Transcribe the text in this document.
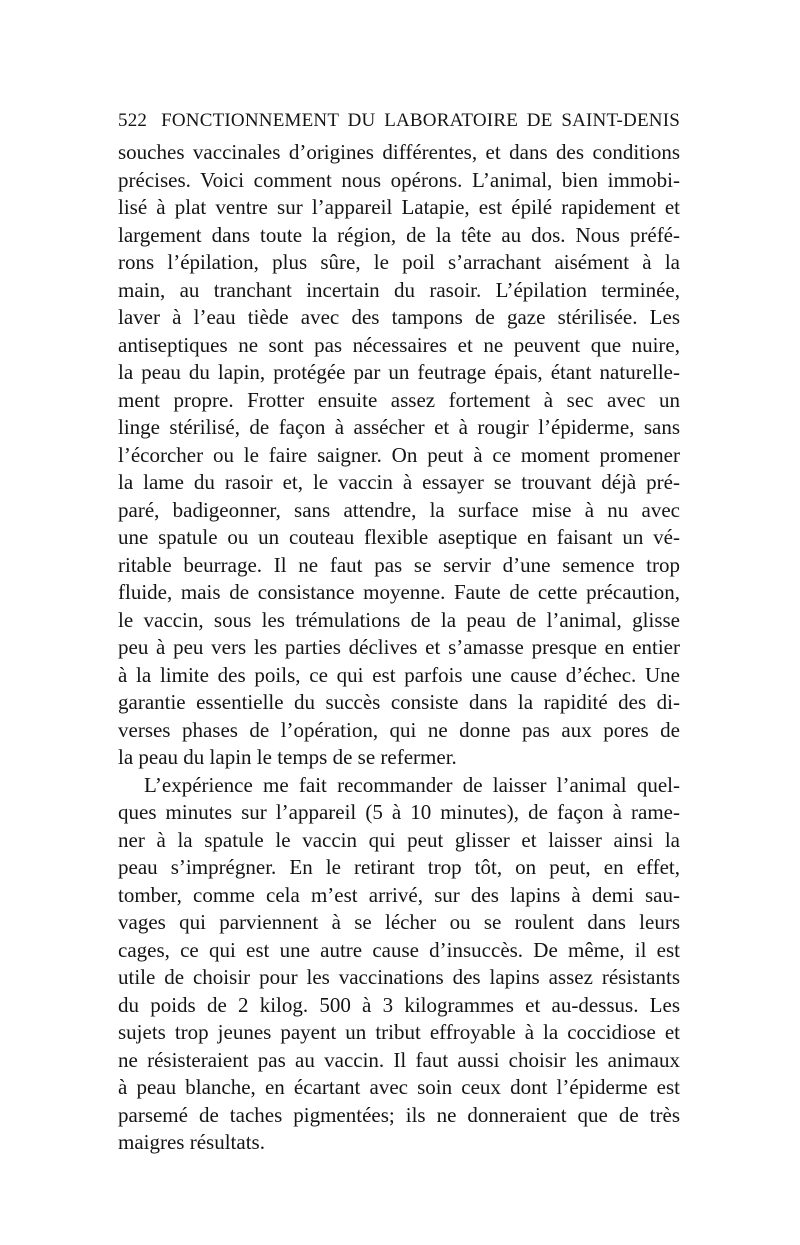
522 FONCTIONNEMENT DU LABORATOIRE DE SAINT-DENIS
souches vaccinales d’origines différentes, et dans des conditions
précises. Voici comment nous opérons. L’animal, bien immobi-
lisé à plat ventre sur l’appareil Latapie, est épilé rapidement et
largement dans toute la région, de la tête au dos. Nous préfé-
rons l’épilation, plus sûre, le poil s’arrachant aisément à la
main, au tranchant incertain du rasoir. L’épilation terminée,
laver à l’eau tiède avec des tampons de gaze stérilisée. Les
antiseptiques ne sont pas nécessaires et ne peuvent que nuire,
la peau du lapin, protégée par un feutrage épais, étant naturelle-
ment propre. Frotter ensuite assez fortement à sec avec un
linge stérilisé, de façon à assécher et à rougir l’épiderme, sans
l’écorcher ou le faire saigner. On peut à ce moment promener
la lame du rasoir et, le vaccin à essayer se trouvant déjà pré-
paré, badigeonner, sans attendre, la surface mise à nu avec
une spatule ou un couteau flexible aseptique en faisant un vé-
ritable beurrage. Il ne faut pas se servir d’une semence trop
fluide, mais de consistance moyenne. Faute de cette précaution,
le vaccin, sous les trémulations de la peau de l’animal, glisse
peu à peu vers les parties déclives et s’amasse presque en entier
à la limite des poils, ce qui est parfois une cause d’échec. Une
garantie essentielle du succès consiste dans la rapidité des di-
verses phases de l’opération, qui ne donne pas aux pores de
la peau du lapin le temps de se refermer.
L’expérience me fait recommander de laisser l’animal quel-
ques minutes sur l’appareil (5 à 10 minutes), de façon à rame-
ner à la spatule le vaccin qui peut glisser et laisser ainsi la
peau s’imprégner. En le retirant trop tôt, on peut, en effet,
tomber, comme cela m’est arrivé, sur des lapins à demi sau-
vages qui parviennent à se lécher ou se roulent dans leurs
cages, ce qui est une autre cause d’insuccès. De même, il est
utile de choisir pour les vaccinations des lapins assez résistants
du poids de 2 kilog. 500 à 3 kilogrammes et au-dessus. Les
sujets trop jeunes payent un tribut effroyable à la coccidiose et
ne résisteraient pas au vaccin. Il faut aussi choisir les animaux
à peau blanche, en écartant avec soin ceux dont l’épiderme est
parsemé de taches pigmentées; ils ne donneraient que de très
maigres résultats.
